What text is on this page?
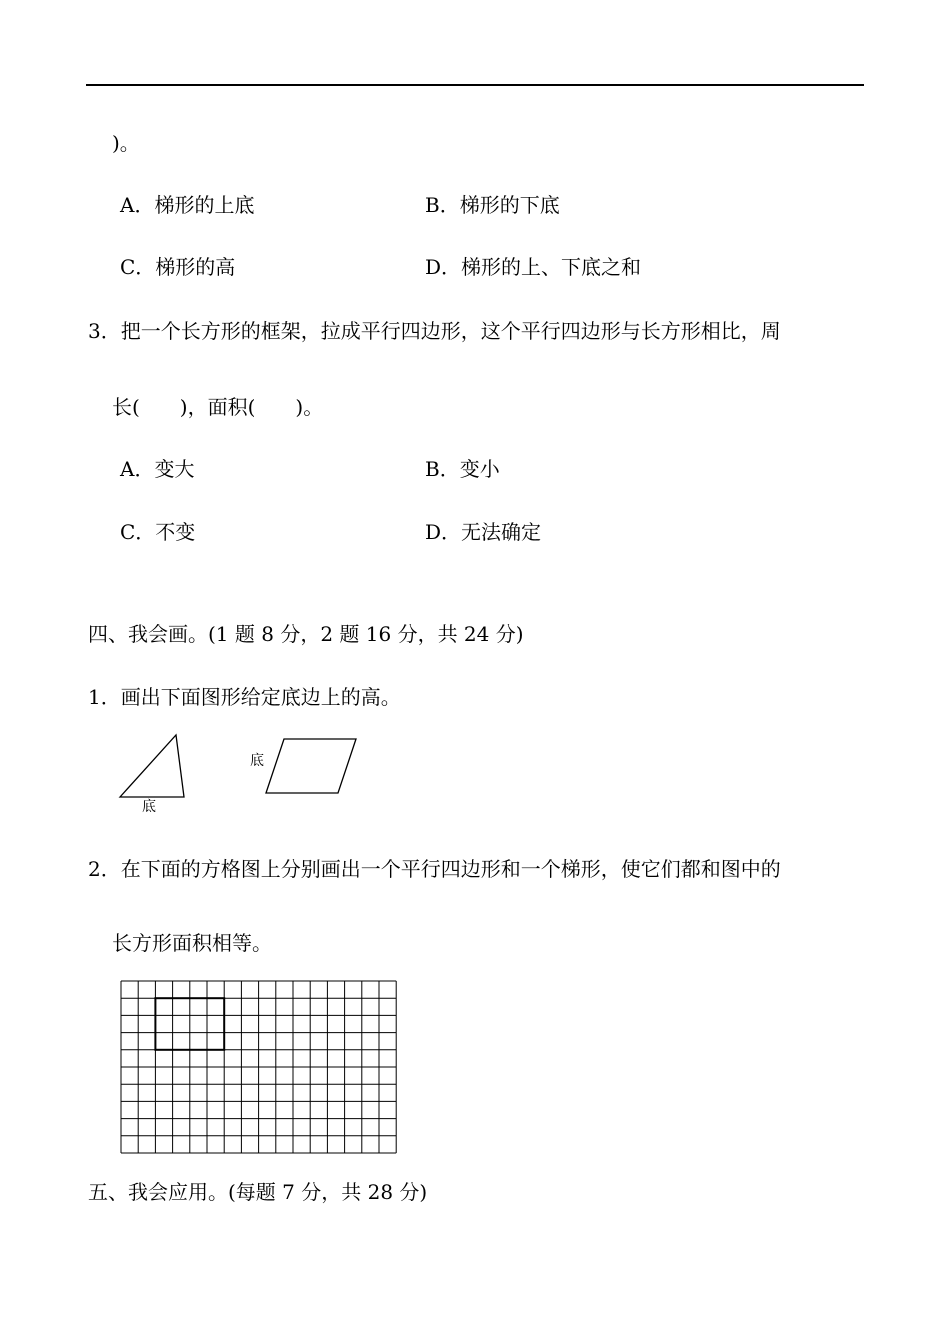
)。
A．梯形的上底	B．梯形的下底
C．梯形的高	D．梯形的上、下底之和
3．把一个长方形的框架，拉成平行四边形，这个平行四边形与长方形相比，周
长(　　)，面积(　　)。
A．变大	B．变小
C．不变	D．无法确定
四、我会画。(1 题 8 分，2 题 16 分，共 24 分)
1．画出下面图形给定底边上的高。
底
底
2．在下面的方格图上分别画出一个平行四边形和一个梯形，使它们都和图中的
长方形面积相等。
五、我会应用。(每题 7 分，共 28 分)
